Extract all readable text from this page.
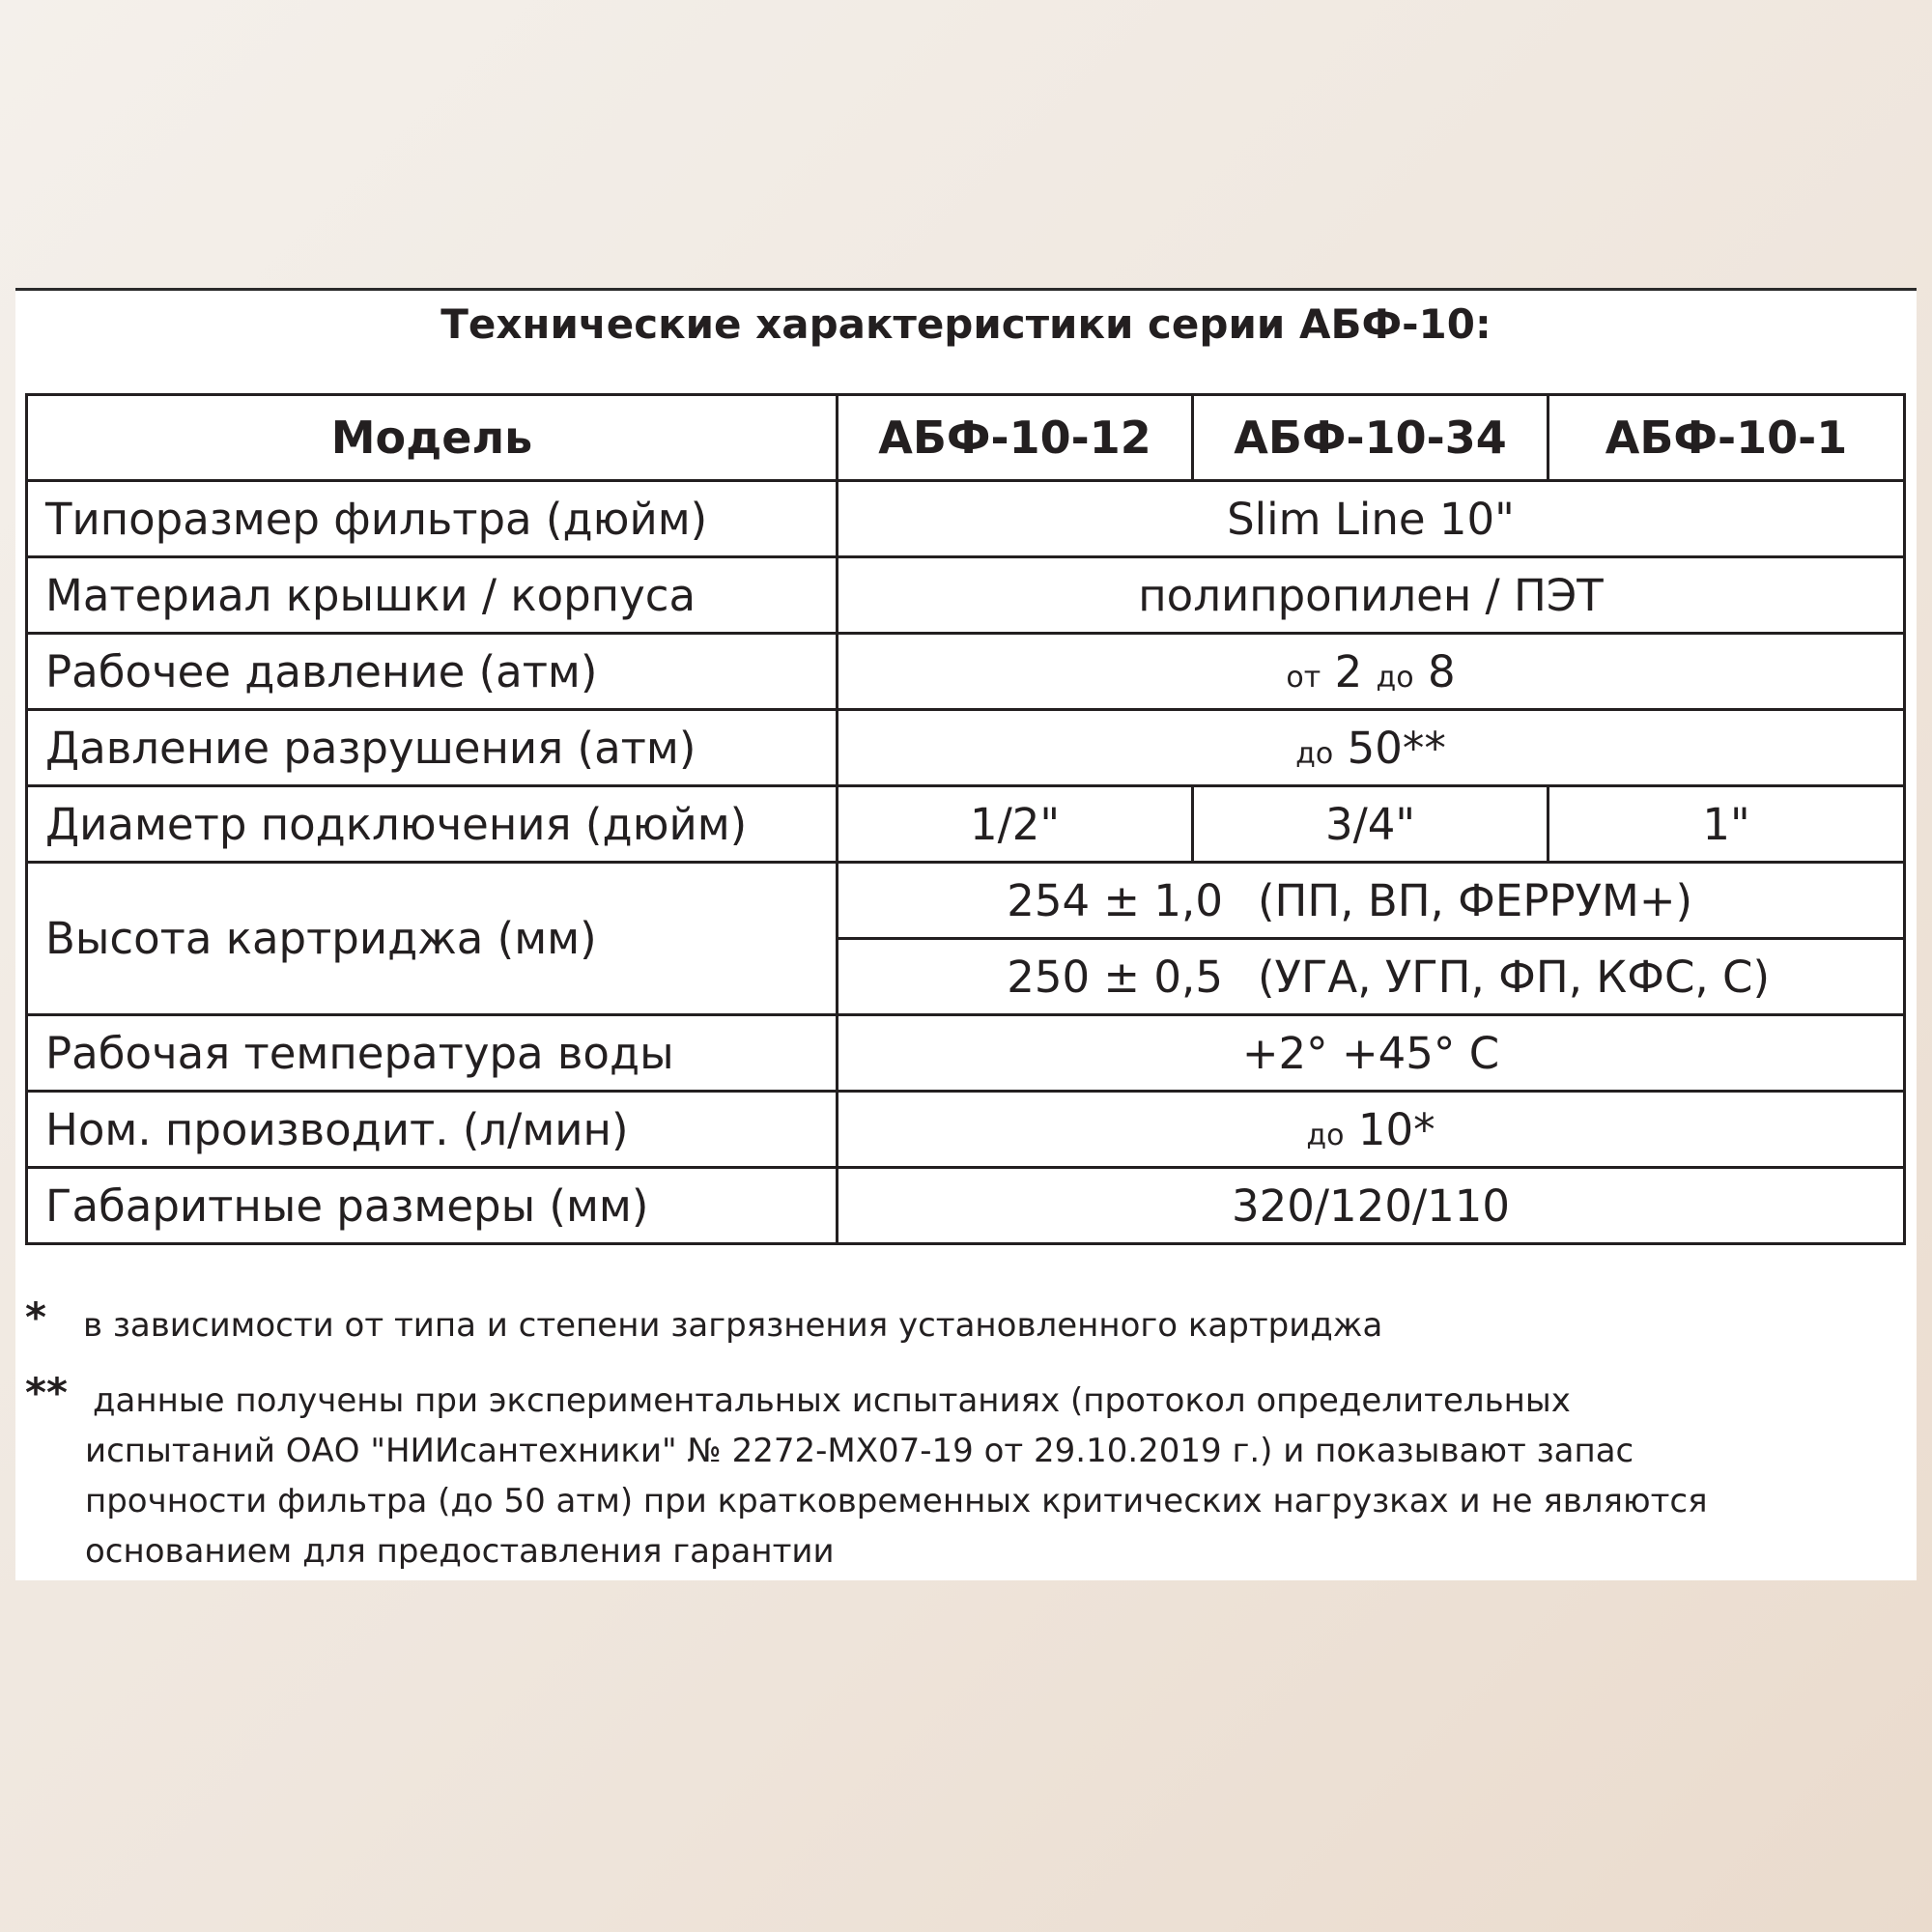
Технические характеристики серии АБФ-10:
Модель	АБФ-10-12	АБФ-10-34	АБФ-10-1
Типоразмер фильтра (дюйм)	Slim Line 10"		
Материал крышки / корпуса	полипропилен / ПЭТ		
Рабочее давление (атм)	от 2 до 8		
Давление разрушения (атм)	до 50**		
Диаметр подключения (дюйм)	1/2"	3/4"	1"
Высота картриджа (мм)	254 ± 1,0 (ПП, ВП, ФЕРРУМ+)		
	250 ± 0,5 (УГА, УГП, ФП, КФС, С)		
Рабочая температура воды	+2° +45° С		
Ном. производит. (л/мин)	до 10*		
Габаритные размеры (мм)	320/120/110		
* в зависимости от типа и степени загрязнения установленного картриджа
** данные получены при экспериментальных испытаниях (протокол определительных
испытаний ОАО "НИИсантехники" № 2272-МХ07-19 от 29.10.2019 г.) и показывают запас
прочности фильтра (до 50 атм) при кратковременных критических нагрузках и не являются
основанием для предоставления гарантии
